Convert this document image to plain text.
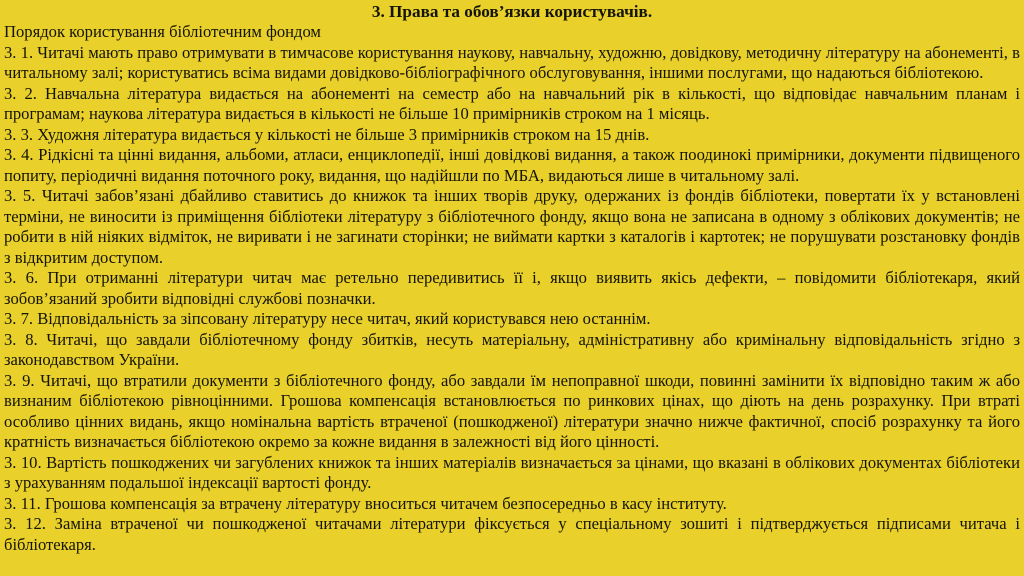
3. Права та обов’язки користувачів.

Порядок користування бібліотечним фондом

3. 1. Читачі мають право отримувати в тимчасове користування наукову, навчальну, художню, довідкову, методичну літературу на абонементі, в читальному залі; користуватись всіма видами довідково-бібліографічного обслуговування, іншими послугами, що надаються бібліотекою.

3. 2. Навчальна література видається на абонементі на семестр або на навчальний рік в кількості, що відповідає навчальним планам і програмам; наукова література видається в кількості не більше 10 примірників строком на 1 місяць.

3. 3. Художня література видається у кількості не більше 3 примірників строком на 15 днів.

3. 4. Рідкісні та цінні видання, альбоми, атласи, енциклопедії, інші довідкові видання, а також поодинокі примірники, документи підвищеного попиту, періодичні видання поточного року, видання, що надійшли по МБА, видаються лише в читальному залі.

3. 5. Читачі забов’язані дбайливо ставитись до книжок та інших творів друку, одержаних із фондів бібліотеки, повертати їх у встановлені терміни, не виносити із приміщення бібліотеки літературу з бібліотечного фонду, якщо вона не записана в одному з облікових документів; не робити в ній ніяких відміток, не виривати і не загинати сторінки; не виймати картки з каталогів і картотек; не порушувати розстановку фондів з відкритим доступом.

3. 6. При отриманні літератури читач має ретельно передивитись її і, якщо виявить якісь дефекти, – повідомити бібліотекаря, який зобов’язаний зробити відповідні службові позначки.

3. 7. Відповідальність за зіпсовану літературу несе читач, який користувався нею останнім.

3. 8. Читачі, що завдали бібліотечному фонду збитків, несуть матеріальну, адміністративну або кримінальну відповідальність згідно з законодавством України.

3. 9. Читачі, що втратили документи з бібліотечного фонду, або завдали їм непоправної шкоди, повинні замінити їх відповідно таким ж або визнаним бібліотекою рівноцінними. Грошова компенсація встановлюється по ринкових цінах, що діють на день розрахунку. При втраті особливо цінних видань, якщо номінальна вартість втраченої (пошкодженої) літератури значно нижче фактичної, спосіб розрахунку та його кратність визначається бібліотекою окремо за кожне видання в залежності від його цінності.

3. 10. Вартість пошкоджених чи загублених книжок та інших матеріалів визначається за цінами, що вказані в облікових документах бібліотеки з урахуванням подальшої індексації вартості фонду.

3. 11. Грошова компенсація за втрачену літературу вноситься читачем безпосередньо в касу інституту.

3. 12. Заміна втраченої чи пошкодженої читачами літератури фіксується у спеціальному зошиті і підтверджується підписами читача і бібліотекаря.
